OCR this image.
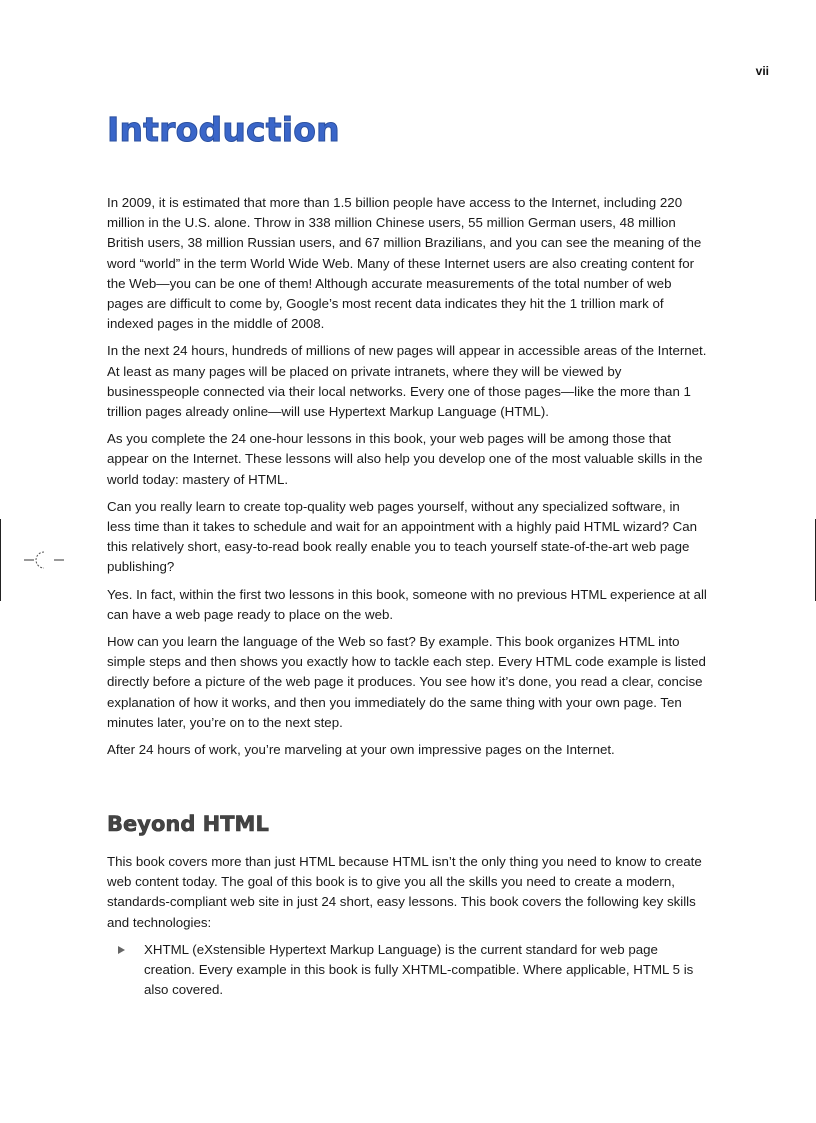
vii
Introduction

In 2009, it is estimated that more than 1.5 billion people have access to the Internet, including 220 million in the U.S. alone. Throw in 338 million Chinese users, 55 million German users, 48 million British users, 38 million Russian users, and 67 million Brazilians, and you can see the meaning of the word “world” in the term World Wide Web. Many of these Internet users are also creating content for the Web—you can be one of them! Although accurate measurements of the total number of web pages are difficult to come by, Google’s most recent data indicates they hit the 1 trillion mark of indexed pages in the middle of 2008.

In the next 24 hours, hundreds of millions of new pages will appear in accessible areas of the Internet. At least as many pages will be placed on private intranets, where they will be viewed by businesspeople connected via their local networks. Every one of those pages—like the more than 1 trillion pages already online—will use Hypertext Markup Language (HTML).

As you complete the 24 one-hour lessons in this book, your web pages will be among those that appear on the Internet. These lessons will also help you develop one of the most valuable skills in the world today: mastery of HTML.

Can you really learn to create top-quality web pages yourself, without any specialized software, in less time than it takes to schedule and wait for an appointment with a highly paid HTML wizard? Can this relatively short, easy-to-read book really enable you to teach yourself state-of-the-art web page publishing?

Yes. In fact, within the first two lessons in this book, someone with no previous HTML experience at all can have a web page ready to place on the web.

How can you learn the language of the Web so fast? By example. This book organizes HTML into simple steps and then shows you exactly how to tackle each step. Every HTML code example is listed directly before a picture of the web page it produces. You see how it’s done, you read a clear, concise explanation of how it works, and then you immediately do the same thing with your own page. Ten minutes later, you’re on to the next step.

After 24 hours of work, you’re marveling at your own impressive pages on the Internet.

Beyond HTML

This book covers more than just HTML because HTML isn’t the only thing you need to know to create web content today. The goal of this book is to give you all the skills you need to create a modern, standards-compliant web site in just 24 short, easy lessons. This book covers the following key skills and technologies:

XHTML (eXstensible Hypertext Markup Language) is the current standard for web page creation. Every example in this book is fully XHTML-compatible. Where applicable, HTML 5 is also covered.
